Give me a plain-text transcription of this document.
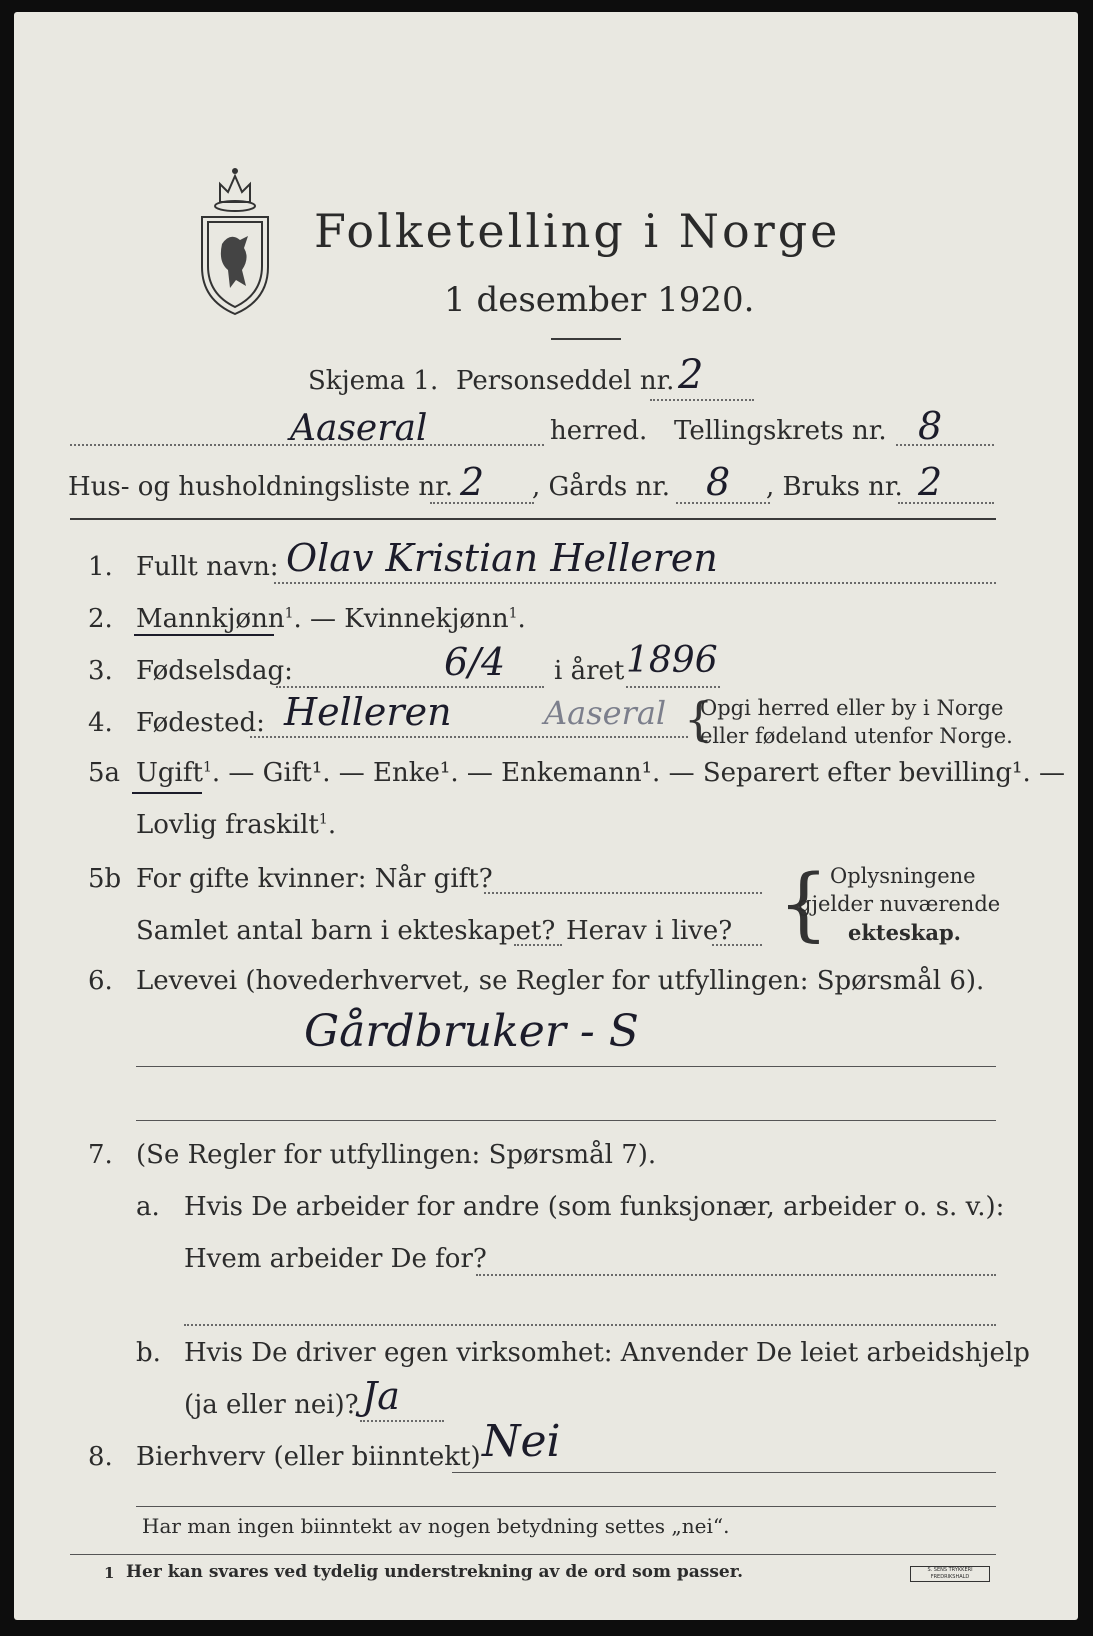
Folketelling i Norge
1 desember 1920.
Skjema 1. Personseddel nr. 2
Aaseral	herred. Tellingskrets nr. 8
Hus- og husholdningsliste nr. 2 , Gårds nr. 8 , Bruks nr. 2
1. Fullt navn: Olav Kristian Helleren
2. Mannkjønn$^1$. — Kvinnekjønn$^1$.
3. Fødselsdag:	6/4 i året 1896
4. Fødested: Helleren	Aaseral {
Opgi herred eller by i Norge
eller fødeland utenfor Norge.
5a Ugift$^1$. — Gift¹. — Enke¹. — Enkemann¹. — Separert efter bevilling¹. —
Lovlig fraskilt$^1$.
5b For gifte kvinner: Når gift?
Samlet antal barn i ekteskapet? Herav i live? { Oplysningene
gjelder nuværende
ekteskap.
6. Levevei (hovederhvervet, se Regler for utfyllingen: Spørsmål 6).
Gårdbruker - S
7. (Se Regler for utfyllingen: Spørsmål 7).
a. Hvis De arbeider for andre (som funksjonær, arbeider o. s. v.):
Hvem arbeider De for?
b. Hvis De driver egen virksomhet: Anvender De leiet arbeidshjelp
(ja eller nei)? Ja
8. Bierhverv (eller biinntekt) Nei
Har man ingen biinntekt av nogen betydning settes „nei“.
1 Her kan svares ved tydelig understrekning av de ord som passer.	S. SENS TRYKKERI FREDRIKSHALD
